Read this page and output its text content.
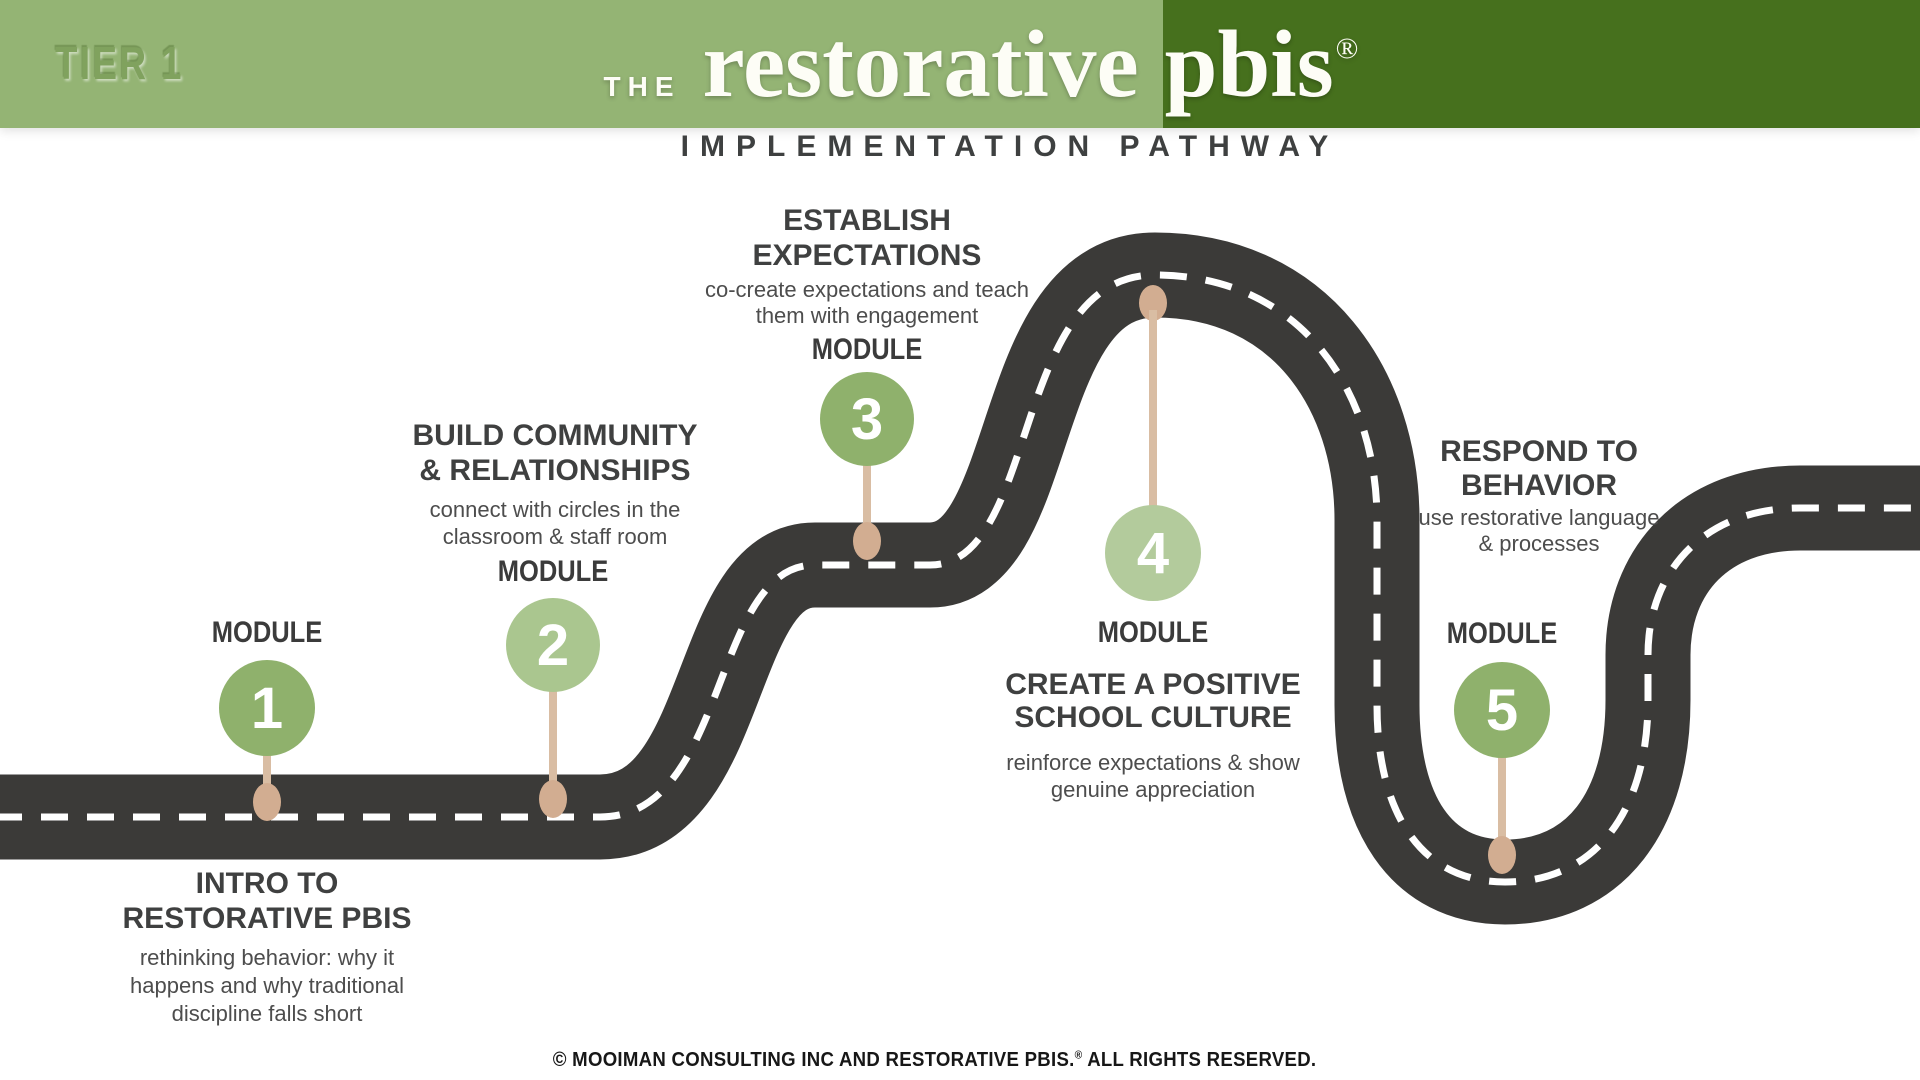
TIER 1	THE restorative pbis®
IMPLEMENTATION PATHWAY
MODULE
1
INTRO TO
RESTORATIVE PBIS
rethinking behavior: why it
happens and why traditional
discipline falls short
BUILD COMMUNITY
& RELATIONSHIPS
connect with circles in the
classroom & staff room
MODULE
2
ESTABLISH
EXPECTATIONS
co-create expectations and teach
them with engagement
MODULE
3
4
MODULE
CREATE A POSITIVE
SCHOOL CULTURE
reinforce expectations & show
genuine appreciation
RESPOND TO
BEHAVIOR
use restorative language
& processes
MODULE
5
© MOOIMAN CONSULTING INC AND RESTORATIVE PBIS.® ALL RIGHTS RESERVED.
